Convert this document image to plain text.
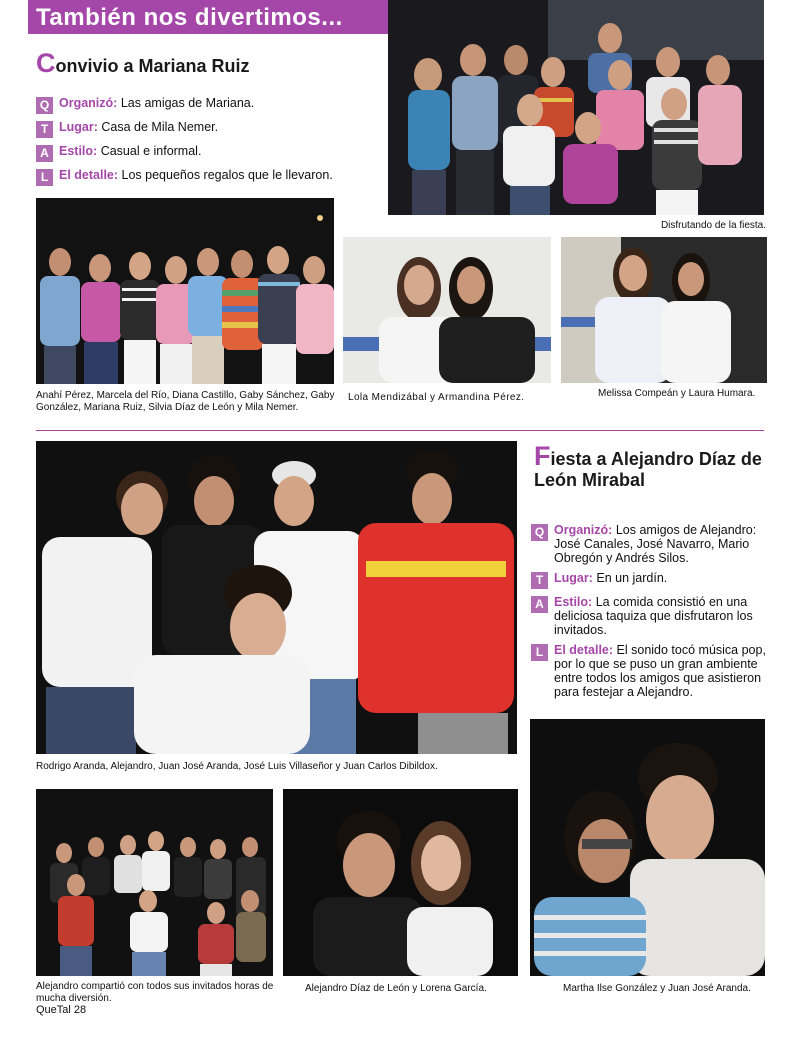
También nos divertimos...
Convivio a Mariana Ruiz
Q Organizó: Las amigas de Mariana.
T Lugar: Casa de Mila Nemer.
A Estilo: Casual e informal.
L El detalle: Los pequeños regalos que le llevaron.
Disfrutando de la fiesta.
Anahí Pérez, Marcela del Río, Diana Castillo, Gaby Sánchez, Gaby González, Mariana Ruiz, Silvia Díaz de León y Mila Nemer.
Lola Mendizábal y Armandina Pérez.	Melissa Compeán y Laura Humara.
Rodrigo Aranda, Alejandro, Juan José Aranda, José Luis Villaseñor y Juan Carlos Dibildox.
Fiesta a Alejandro Díaz de León Mirabal
Q Organizó: Los amigos de Alejandro: José Canales, José Navarro, Mario Obregón y Andrés Silos.
T Lugar: En un jardín.
A Estilo: La comida consistió en una deliciosa taquiza que disfrutaron los invitados.
L El detalle: El sonido tocó música pop, por lo que se puso un gran ambiente entre todos los amigos que asistieron para festejar a Alejandro.
Martha Ilse González y Juan José Aranda.
Alejandro compartió con todos sus invitados horas de mucha diversión.
Alejandro Díaz de León y Lorena García.
QueTal 28
